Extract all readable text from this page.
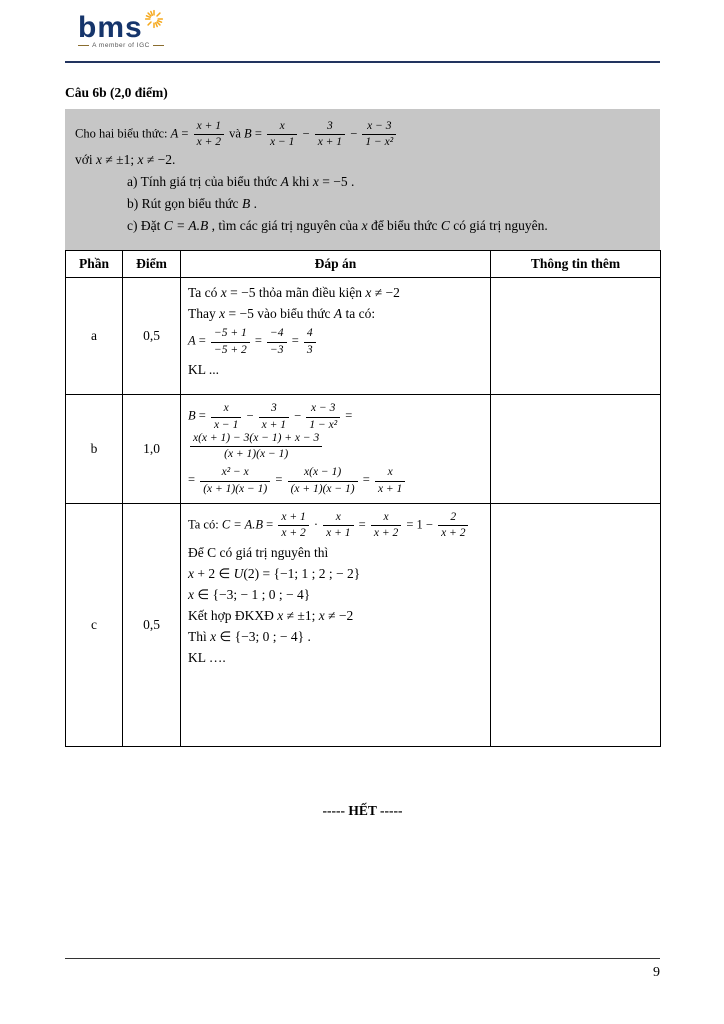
bms
A member of IGC
Câu 6b (2,0 điểm)
Cho hai biểu thức: $A = \frac{x + 1}{x + 2}$ và $B = \frac{x}{x - 1} - \frac{3}{x + 1} - \frac{x - 3}{\text{1 − x²}}$
với x ≠ ±1; x ≠ −2.
a) Tính giá trị của biểu thức A khi x = −5 .
b) Rút gọn biểu thức B .
c) Đặt C = A.B , tìm các giá trị nguyên của x để biểu thức C có giá trị nguyên.
Phần	Điểm	Đáp án	Thông tin thêm
a	0,5	
Ta có x = −5 thỏa mãn điều kiện x ≠ −2
Thay x = −5 vào biểu thức A ta có:
$A = \frac{-5 + 1}{-5 + 2} = \frac{-4}{-3} = \frac{4}{3}$
KL ...

b	1,0	
$B = \frac{x}{x - 1} - \frac{3}{x + 1} - \frac{x - 3}{\text{1 − x²}}$ =
$\frac{x(x + 1) - 3(x - 1) + x - 3}{(x + 1)(x - 1)}$
= $\frac{\text{x² − x}}{(x + 1)(x - 1)} = \frac{x(x - 1)}{(x + 1)(x - 1)} = \frac{x}{x + 1}$

c	0,5	
Ta có: $C = A.B = \frac{x + 1}{x + 2} \cdot \frac{x}{x + 1} = \frac{x}{x + 2} = 1 - \frac{2}{x + 2}$
Để C có giá trị nguyên thì
x + 2 ∈ U(2) = {−1; 1 ; 2 ; − 2}
x ∈ {−3; − 1 ; 0 ; − 4}
Kết hợp ĐKXĐ x ≠ ±1; x ≠ −2
Thì x ∈ {−3; 0 ; − 4} .
KL ….

----- HẾT -----
9
